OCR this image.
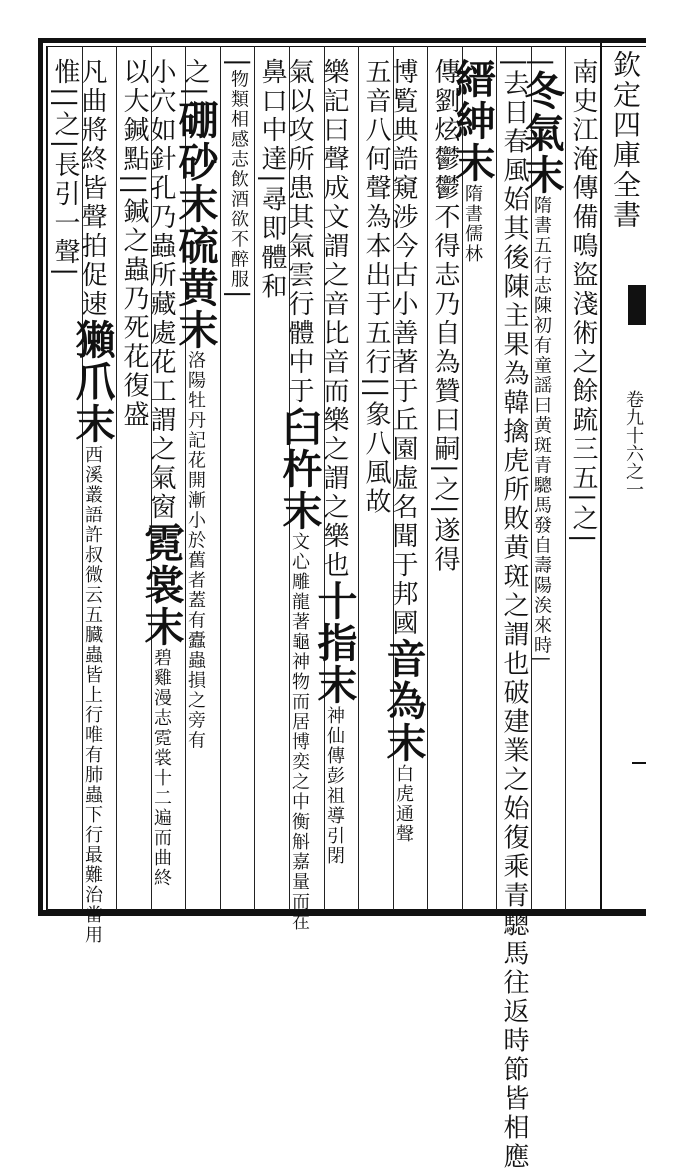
欽定四庫全書
卷九十六之一
南史江淹傳備鳴盜淺術之餘䟽三五|之|
|冬氣末隋書五行志陳初有童謡曰黄斑青驄馬發自壽陽涘來時|
|去日春風始其後陳主果為韓擒虎所敗黄斑之謂也破建業之始復乘青驄馬往返時節皆相應
縉紳末隋書儒林
傳劉炫鬱鬱不得志乃自為贊曰嗣|之|遂得
博覧典誥窺涉今古小善著于丘園虛名聞于邦國音為末白虎通聲
五音八何聲為本出于五行||象八風故
樂記曰聲成文謂之音比音而樂之謂之樂也十指末神仙傳彭祖導引閉
氣以攻所患其氣雲行體中于臼杵末文心雕龍著龜神物而居博奕之中衡斛嘉量而在
鼻口中達|尋即體和
|物類相感志飲酒欲不醉服|
之|硼砂末硫黄末洛陽牡丹記花開漸小於舊者蓋有蠹蟲損之旁有
小穴如針孔乃蟲所藏處花工謂之氣窗霓裳末碧雞漫志霓裳十二遍而曲終
以大鍼點||鍼之蟲乃死花復盛
凡曲將終皆聲拍促速獺爪末西溪叢語許叔微云五臓蟲皆上行唯有肺蟲下行最難治當用
惟||之|長引一聲|
